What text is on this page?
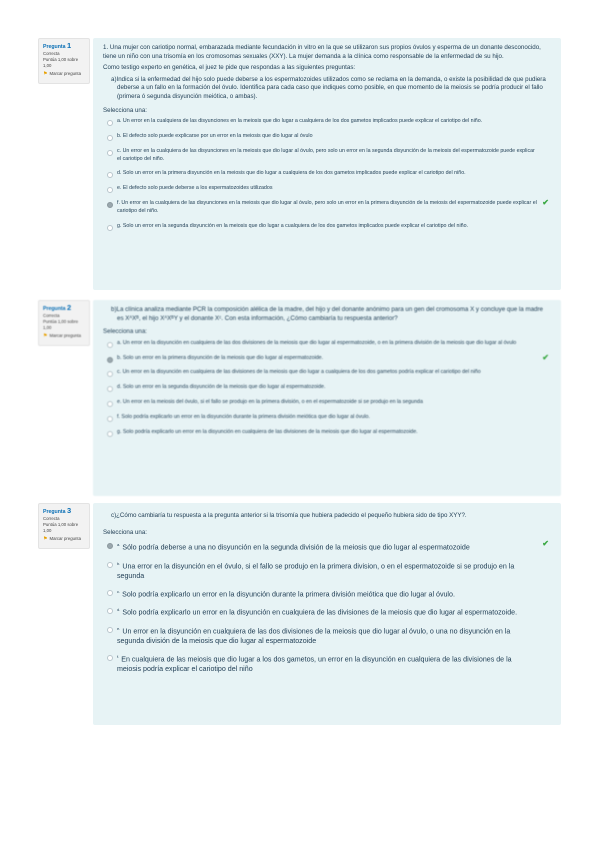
Pregunta 1
Correcta
Puntúa 1,00 sobre 1,00
⚑ Marcar pregunta

1. Una mujer con cariotipo normal, embarazada mediante fecundación in vitro en la que se utilizaron sus propios óvulos y esperma de un donante desconocido, tiene un niño con una trisomía en los cromosomas sexuales (XXY). La mujer demanda a la clínica como responsable de la enfermedad de su hijo.

Como testigo experto en genética, el juez te pide que respondas a las siguientes preguntas:

a)Indica si la enfermedad del hijo solo puede deberse a los espermatozoides utilizados como se reclama en la demanda, o existe la posibilidad de que pudiera deberse a un fallo en la formación del óvulo. Identifica para cada caso que indiques como posible, en que momento de la meiosis se podría producir el fallo (primera ó segunda disyunción meiótica, o ambas).

Selecciona una:
a. Un error en la cualquiera de las disyunciones en la meiosis que dio lugar a cualquiera de los dos gametos implicados puede explicar el cariotipo del niño.
b. El defecto solo puede explicarse por un error en la meiosis que dio lugar al óvulo
c. Un error en la cualquiera de las disyunciones en la meiosis que dio lugar al óvulo, pero solo un error en la segunda disyunción de la meiosis del espermatozoide puede explicar el cariotipo del niño.
d. Solo un error en la primera disyunción en la meiosis que dio lugar a cualquiera de los dos gametos implicados puede explicar el cariotipo del niño.
e. El defecto solo puede deberse a los espermatozoides utilizados
f. Un error en la cualquiera de las disyunciones en la meiosis que dio lugar al óvulo, pero solo un error en la primera disyunción de la meiosis del espermatozoide puede explicar el cariotipo del niño.
✔
g. Solo un error en la segunda disyunción en la meiosis que dio lugar a cualquiera de los dos gametos implicados puede explicar el cariotipo del niño.
Pregunta 2
Correcta
Puntúa 1,00 sobre 1,00
⚑ Marcar pregunta

b)La clínica analiza mediante PCR la composición alélica de la madre, del hijo y del donante anónimo para un gen del cromosoma X y concluye que la madre es XᴬXᴮ, el hijo XᴬXᴮY y el donante Xᶜ. Con esta información, ¿Cómo cambiaría tu respuesta anterior?

Selecciona una:
a. Un error en la disyunción en cualquiera de las dos divisiones de la meiosis que dio lugar al espermatozoide, o en la primera división de la meiosis que dio lugar al óvulo
b. Solo un error en la primera disyunción de la meiosis que dio lugar al espermatozoide.	✔
c. Un error en la disyunción en cualquiera de las divisiones de la meiosis que dio lugar a cualquiera de los dos gametos podría explicar el cariotipo del niño
d. Solo un error en la segunda disyunción de la meiosis que dio lugar al espermatozoide.
e. Un error en la meiosis del óvulo, si el fallo se produjo en la primera división, o en el espermatozoide si se produjo en la segunda
f. Solo podría explicarlo un error en la disyunción durante la primera división meiótica que dio lugar al óvulo.
g. Solo podría explicarlo un error en la disyunción en cualquiera de las divisiones de la meiosis que dio lugar al espermatozoide.
Pregunta 3
Correcta
Puntúa 1,00 sobre 1,00
⚑ Marcar pregunta

c)¿Cómo cambiaría tu respuesta a la pregunta anterior si la trisomía que hubiera padecido el pequeño hubiera sido de tipo XYY?.

Selecciona una:
$^{a.}$ Sólo podría deberse a una no disyunción en la segunda división de la meiosis que dio lugar al espermatozoide	✔
$^{b.}$ Una error en la disyunción en el óvulo, si el fallo se produjo en la primera division, o en el espermatozoide si se produjo en la segunda
$^{c.}$ Solo podría explicarlo un error en la disyunción durante la primera división meiótica que dio lugar al óvulo.
$^{d.}$ Solo podría explicarlo un error en la disyunción en cualquiera de las divisiones de la meiosis que dio lugar al espermatozoide.
$^{e.}$ Un error en la disyunción en cualquiera de las dos divisiones de la meiosis que dio lugar al óvulo, o una no disyunción en la segunda división de la meiosis que dio lugar al espermatozoide
$^{f.}$ En cualquiera de las meiosis que dio lugar a los dos gametos, un error en la disyunción en cualquiera de las divisiones de la meiosis podría explicar el cariotipo del niño
